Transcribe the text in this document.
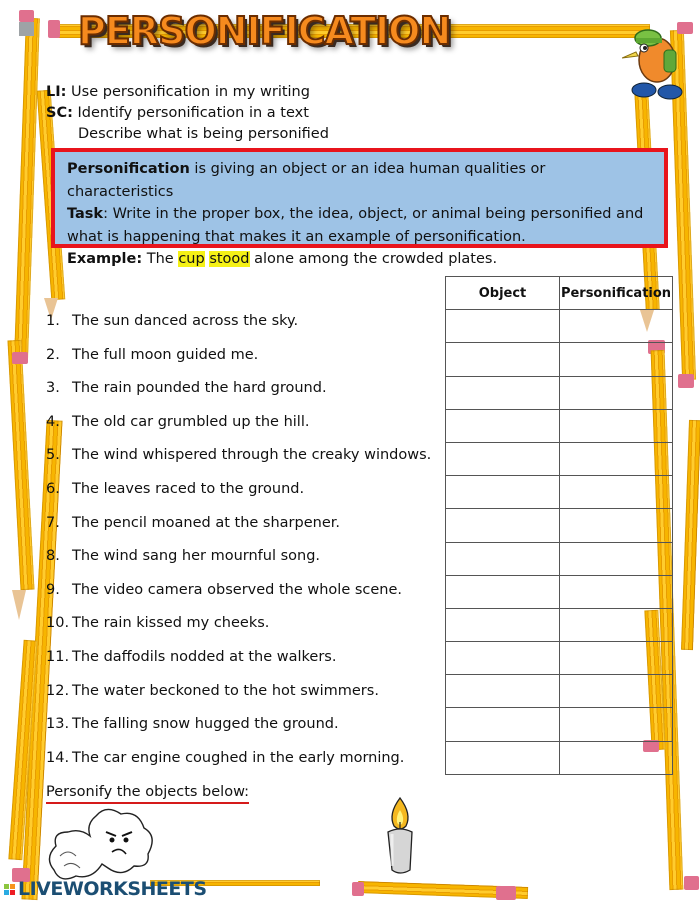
PERSONIFICATION
LI: Use personification in my writing
SC: Identify personification in a text
Describe what is being personified
Personification is giving an object or an idea human qualities or characteristics
Task: Write in the proper box, the idea, object, or animal being personified and what is happening that makes it an example of personification.
Example: The cup stood alone among the crowded plates.
1. The sun danced across the sky.
2. The full moon guided me.
3. The rain pounded the hard ground.
4. The old car grumbled up the hill.
5. The wind whispered through the creaky windows.
6. The leaves raced to the ground.
7. The pencil moaned at the sharpener.
8. The wind sang her mournful song.
9. The video camera observed the whole scene.
10. The rain kissed my cheeks.
11. The daffodils nodded at the walkers.
12. The water beckoned to the hot swimmers.
13. The falling snow hugged the ground.
14. The car engine coughed in the early morning.
Object	Personification

Personify the objects below:

LIVEWORKSHEETS
